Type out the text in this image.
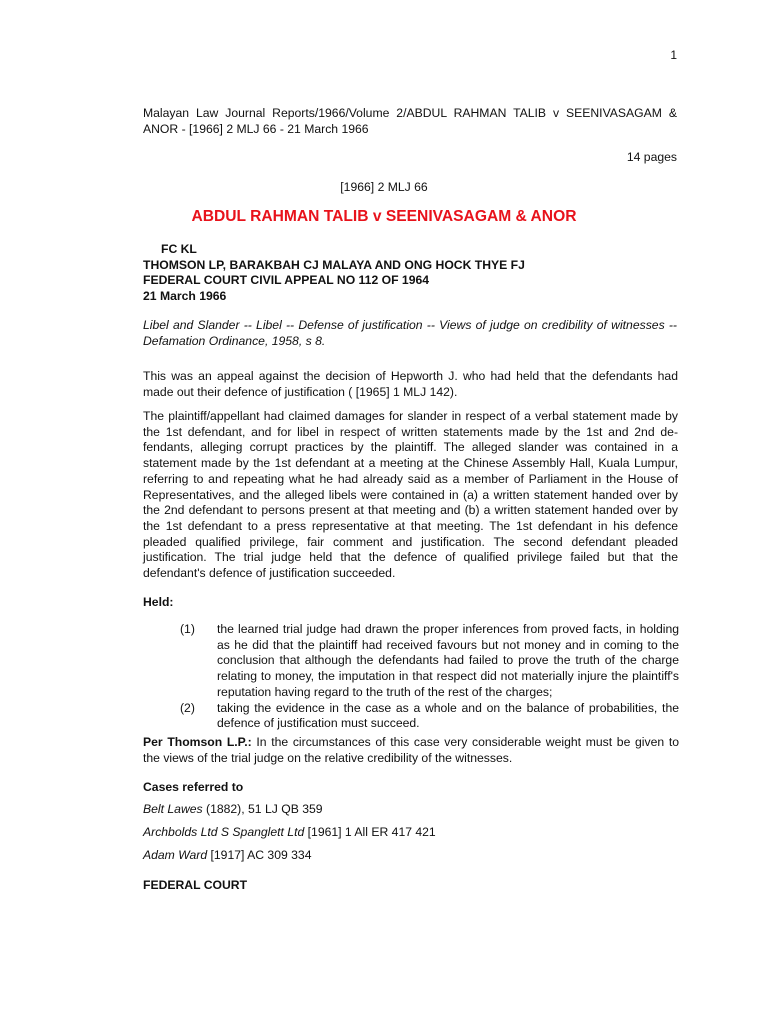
1
Malayan Law Journal Reports/1966/Volume 2/ABDUL RAHMAN TALIB v SEENIVASAGAM & ANOR - [1966] 2 MLJ 66 - 21 March 1966
14 pages
[1966] 2 MLJ 66
ABDUL RAHMAN TALIB v SEENIVASAGAM & ANOR
FC KL
THOMSON LP, BARAKBAH CJ MALAYA AND ONG HOCK THYE FJ
FEDERAL COURT CIVIL APPEAL NO 112 OF 1964
21 March 1966
Libel and Slander -- Libel -- Defense of justification -- Views of judge on credibility of witnesses -- Defamation Ordinance, 1958, s 8.
This was an appeal against the decision of Hepworth J. who had held that the defendants had made out their defence of justification ( [1965] 1 MLJ 142).
The plaintiff/appellant had claimed damages for slander in respect of a verbal statement made by the 1st defendant, and for libel in respect of written statements made by the 1st and 2nd defendants, alleging corrupt practices by the plaintiff. The alleged slander was contained in a statement made by the 1st defendant at a meeting at the Chinese Assembly Hall, Kuala Lumpur, referring to and repeating what he had already said as a member of Parliament in the House of Representatives, and the alleged libels were contained in (a) a written statement handed over by the 2nd defendant to persons present at that meeting and (b) a written statement handed over by the 1st defendant to a press representative at that meeting. The 1st defendant in his defence pleaded qualified privilege, fair comment and justification. The second defendant pleaded justification. The trial judge held that the defence of qualified privilege failed but that the defendant's defence of justification succeeded.
Held:
(1)	the learned trial judge had drawn the proper inferences from proved facts, in holding as he did that the plaintiff had received favours but not money and in coming to the conclusion that although the defendants had failed to prove the truth of the charge relating to money, the imputation in that respect did not materially injure the plaintiff's reputation having regard to the truth of the rest of the charges;
(2)	taking the evidence in the case as a whole and on the balance of probabilities, the defence of justification must succeed.
Per Thomson L.P.: In the circumstances of this case very considerable weight must be given to the views of the trial judge on the relative credibility of the witnesses.
Cases referred to
Belt Lawes (1882), 51 LJ QB 359
Archbolds Ltd S Spanglett Ltd [1961] 1 All ER 417 421
Adam Ward [1917] AC 309 334
FEDERAL COURT
